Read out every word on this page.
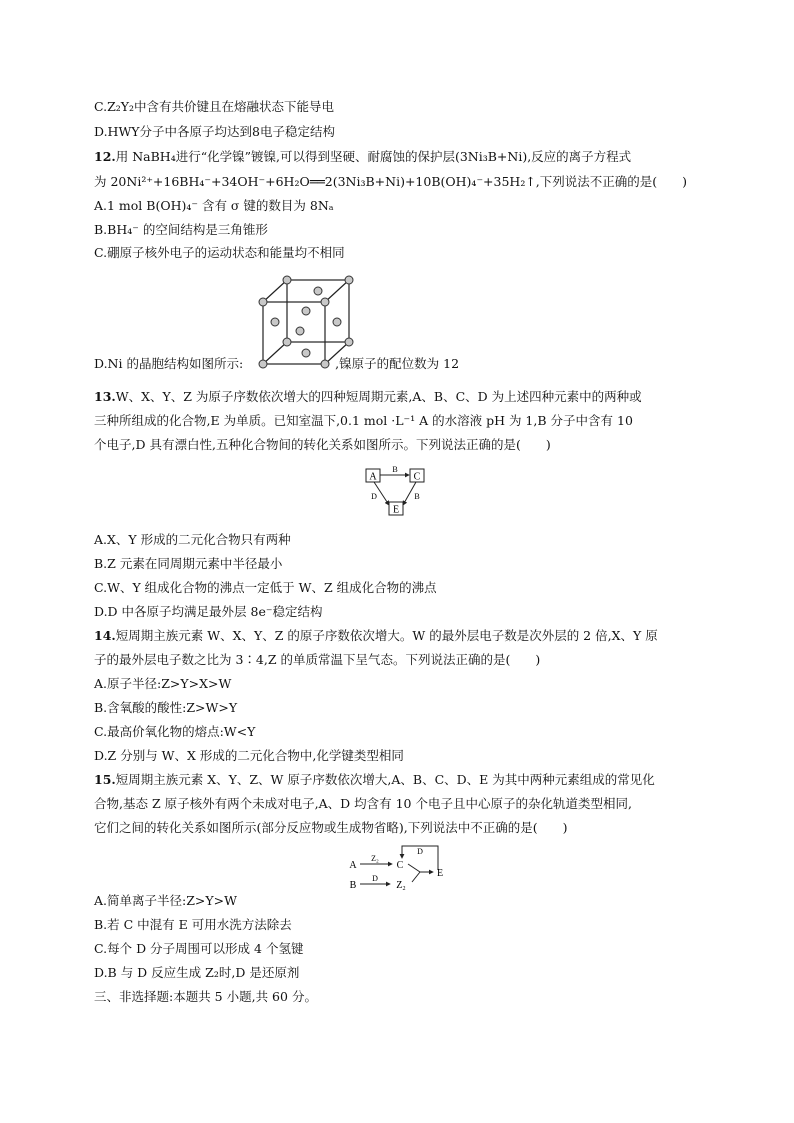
C.Z₂Y₂中含有共价键且在熔融状态下能导电
D.HWY分子中各原子均达到8电子稳定结构
12.用 NaBH₄进行“化学镍”镀镍,可以得到坚硬、耐腐蚀的保护层(3Ni₃B+Ni),反应的离子方程式
为 20Ni²⁺+16BH₄⁻+34OH⁻+6H₂O══2(3Ni₃B+Ni)+10B(OH)₄⁻+35H₂↑,下列说法不正确的是(　　)
A.1 mol B(OH)₄⁻ 含有 σ 键的数目为 8Nₐ
B.BH₄⁻ 的空间结构是三角锥形
C.硼原子核外电子的运动状态和能量均不相同
D.Ni 的晶胞结构如图所示:	,镍原子的配位数为 12
13.W、X、Y、Z 为原子序数依次增大的四种短周期元素,A、B、C、D 为上述四种元素中的两种或
三种所组成的化合物,E 为单质。已知室温下,0.1 mol ·L⁻¹ A 的水溶液 pH 为 1,B 分子中含有 10
个电子,D 具有漂白性,五种化合物间的转化关系如图所示。下列说法正确的是(　　)
A	C
E
B
D	B
A.X、Y 形成的二元化合物只有两种
B.Z 元素在同周期元素中半径最小
C.W、Y 组成化合物的沸点一定低于 W、Z 组成化合物的沸点
D.D 中各原子均满足最外层 8e⁻稳定结构
14.短周期主族元素 W、X、Y、Z 的原子序数依次增大。W 的最外层电子数是次外层的 2 倍,X、Y 原
子的最外层电子数之比为 3∶4,Z 的单质常温下呈气态。下列说法正确的是(　　)
A.原子半径:Z>Y>X>W
B.含氧酸的酸性:Z>W>Y
C.最高价氧化物的熔点:W<Y
D.Z 分别与 W、X 形成的二元化合物中,化学键类型相同
15.短周期主族元素 X、Y、Z、W 原子序数依次增大,A、B、C、D、E 为其中两种元素组成的常见化
合物,基态 Z 原子核外有两个未成对电子,A、D 均含有 10 个电子且中心原子的杂化轨道类型相同,
它们之间的转化关系如图所示(部分反应物或生成物省略),下列说法中不正确的是(　　)
A
B
C
Z₂
E
Z₂
D
D
A.简单离子半径:Z>Y>W
B.若 C 中混有 E 可用水洗方法除去
C.每个 D 分子周围可以形成 4 个氢键
D.B 与 D 反应生成 Z₂时,D 是还原剂
三、非选择题:本题共 5 小题,共 60 分。
